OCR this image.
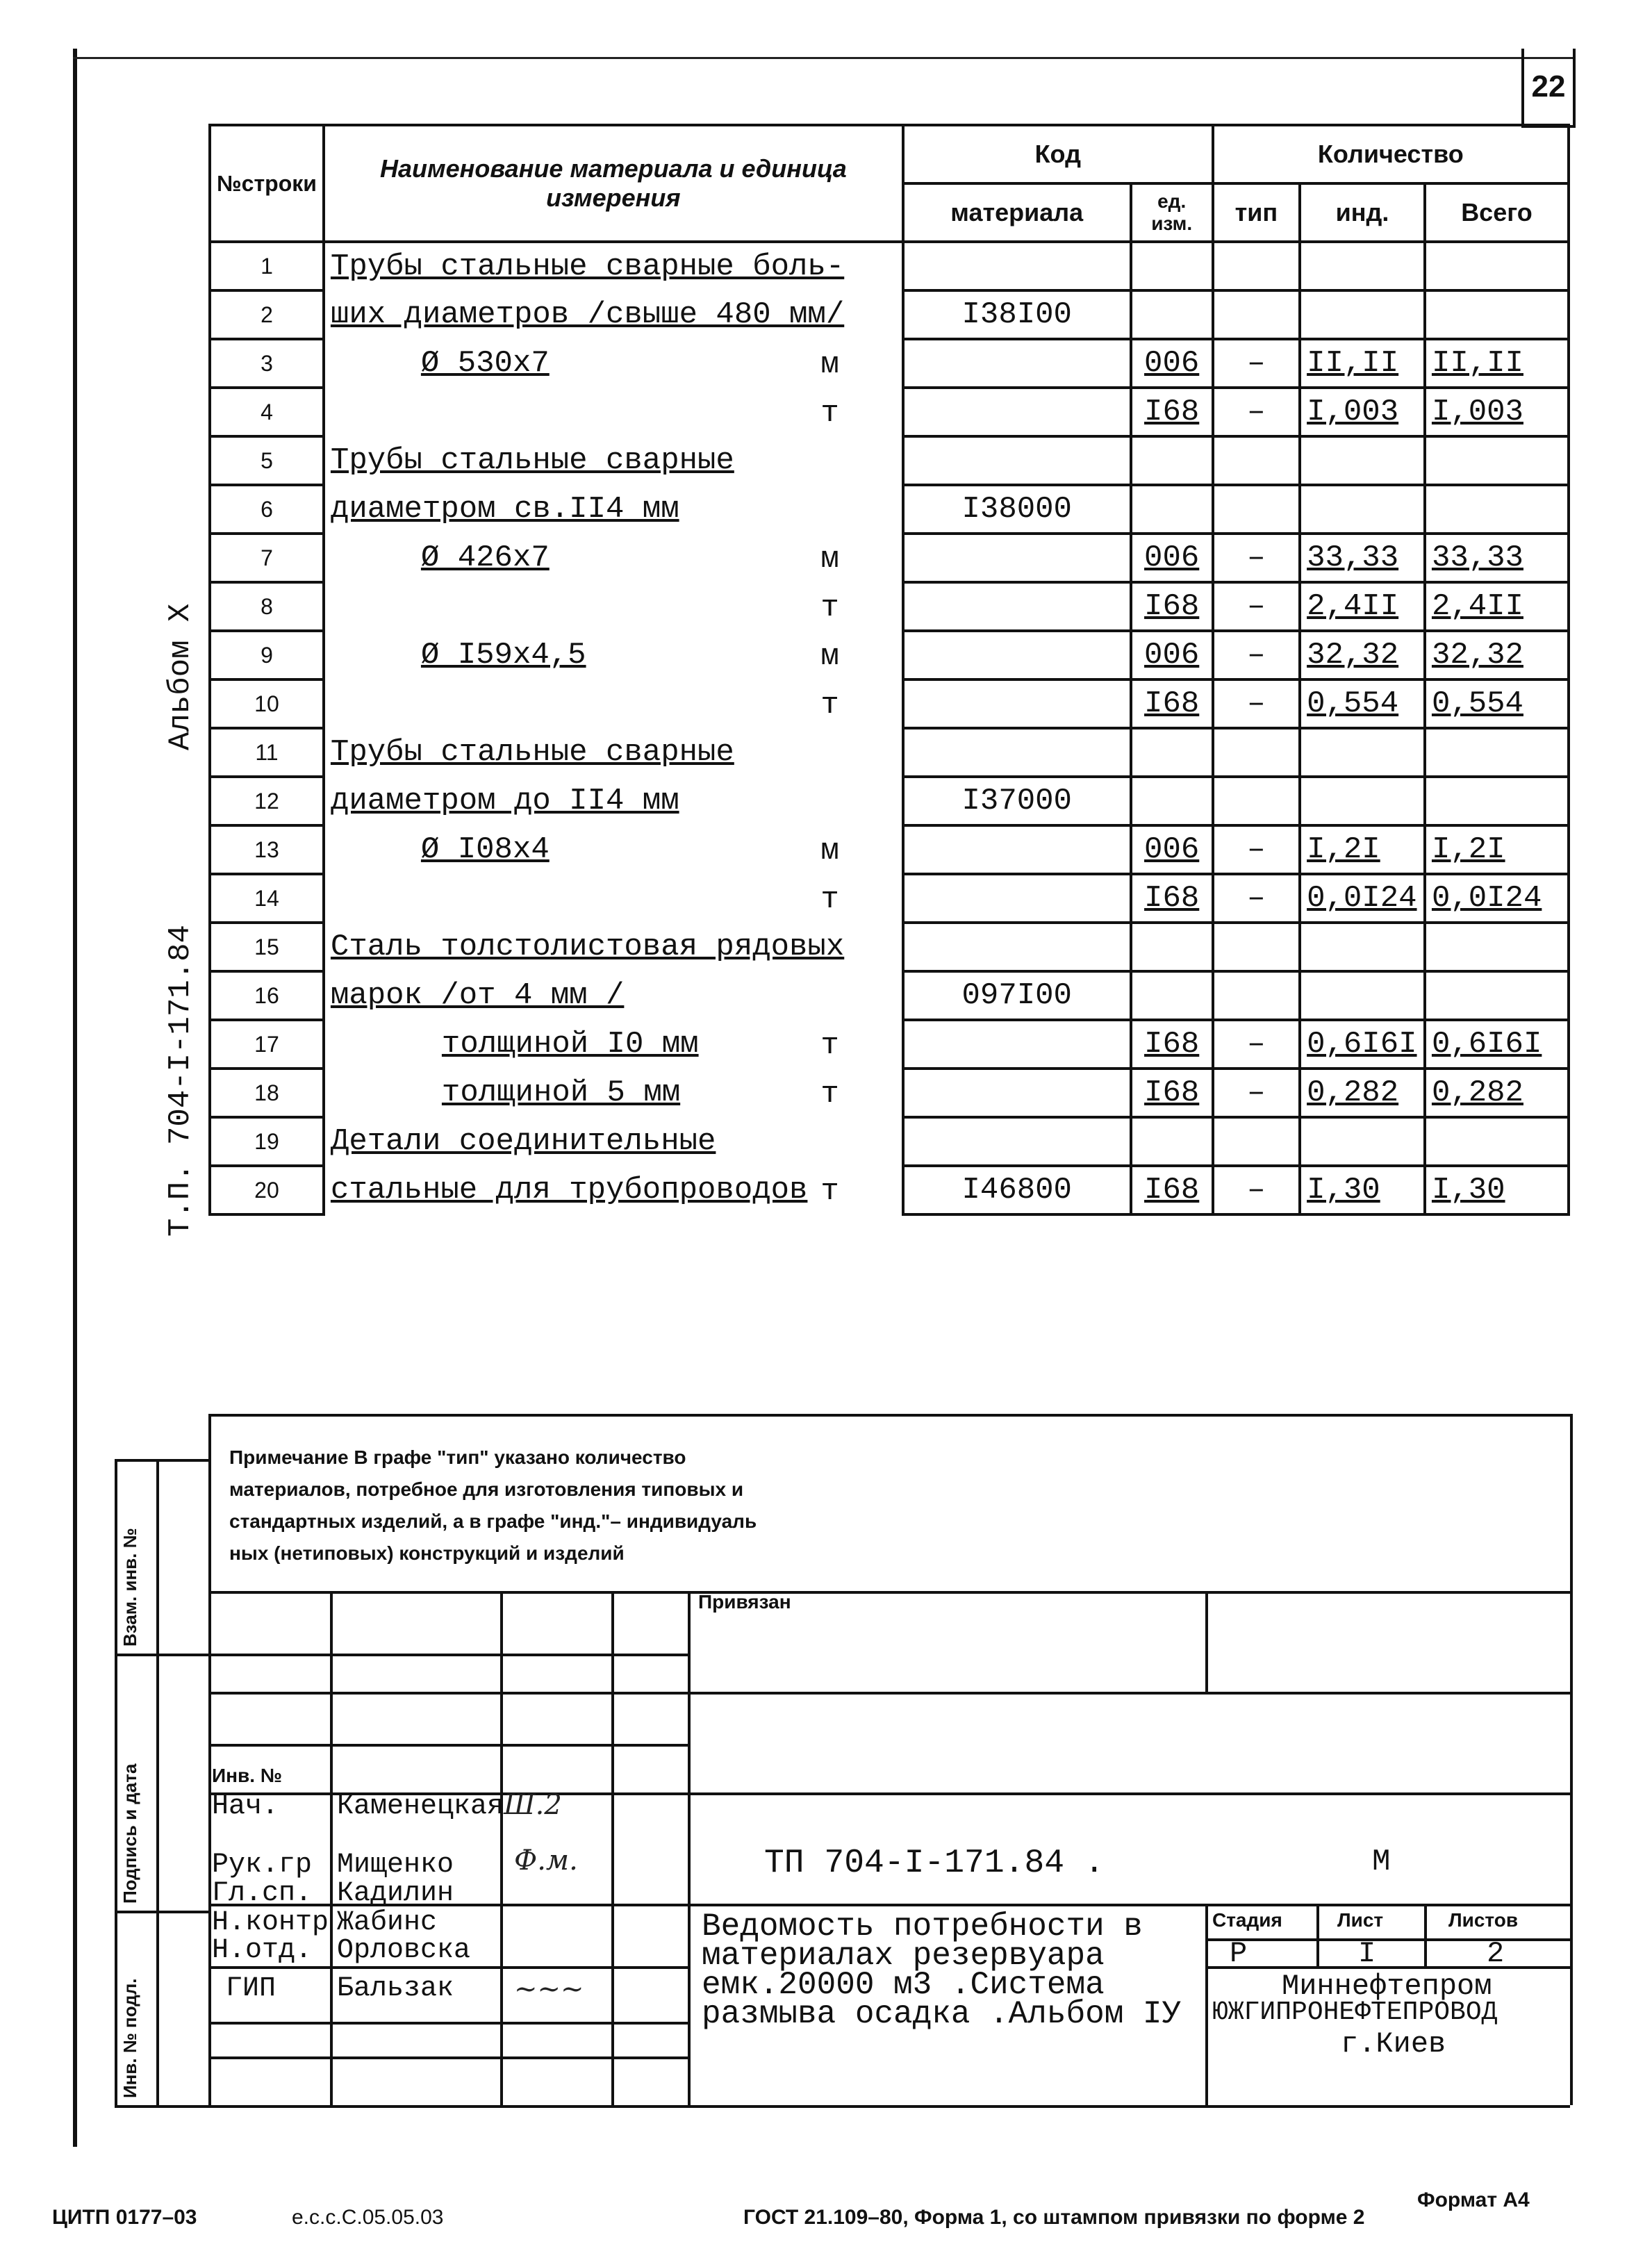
22
Альбом Х
Т.П. 704-I-171.84
№строки	Наименование материала и единица измерения	Код		Количество		
		материала	ед. изм.	тип	инд.	Всего
1	Трубы стальные сварные боль-

2	ших диаметров /свыше 480 мм/	I38I00				
3	Ø 530х7 м		006	–	II,II	II,II
4	т		I68	–	I,003	I,003
5	Трубы стальные сварные

6	диаметром св.II4 мм	I38000				
7	Ø 426х7 м		006	–	33,33	33,33
8	т		I68	–	2,4II	2,4II
9	Ø I59х4,5 м		006	–	32,32	32,32
10	т		I68	–	0,554	0,554
11	Трубы стальные сварные

12	диаметром до II4 мм	I37000				
13	Ø I08х4 м		006	–	I,2I	I,2I
14	т		I68	–	0,0I24	0,0I24
15	Сталь толстолистовая рядовых

16	марок /от 4 мм /	097I00				
17	толщиной I0 мм т		I68	–	0,6I6I	0,6I6I
18	толщиной 5 мм т		I68	–	0,282	0,282
19	Детали соединительные

20	стальные для трубопроводов т	I46800	I68	–	I,30	I,30
Примечание В графе "тип" указано количество
материалов, потребное для изготовления типовых и
стандартных изделий, а в графе "инд."– индивидуаль
ных (нетиповых) конструкций и изделий
Привязан
Инв. №
Нач. Каменецкая
Рук.гр Мищенко
Гл.сп. Кадилин
Н.контр Жабинс
Н.отд. Орловска
ГИП Бальзак
Ш.2
Ф.м.
~~~
ТП 704-I-171.84 .	М
Ведомость потребности в
материалах резервуара
емк.20000 м3 .Система
размыва осадка .Альбом IУ
Стадия	Лист	Листов
Р	I	2
Миннефтепром
ЮЖГИПРОНЕФТЕПРОВОД
г.Киев
Взам. инв. №
Подпись и дата
Инв. № подл.
Формат А4
ЦИТП 0177–03	е.с.с.С.05.05.03	ГОСТ 21.109–80, Форма 1, со штампом привязки по форме 2
